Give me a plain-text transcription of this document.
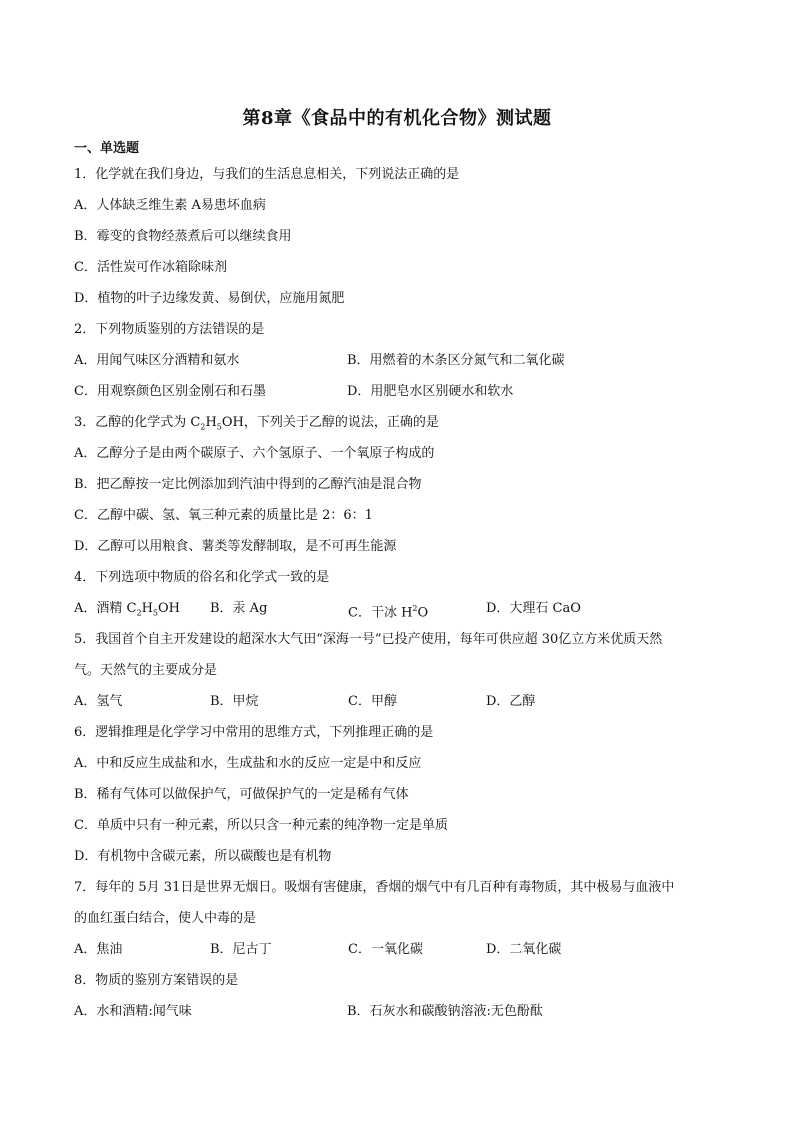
第8章《食品中的有机化合物》测试题
一、单选题
1．化学就在我们身边，与我们的生活息息相关，下列说法正确的是
A．人体缺乏维生素 A易患坏血病
B．霉变的食物经蒸煮后可以继续食用
C．活性炭可作冰箱除味剂
D．植物的叶子边缘发黄、易倒伏，应施用氮肥
2．下列物质鉴别的方法错误的是
A．用闻气味区分酒精和氨水	B．用燃着的木条区分氮气和二氧化碳
C．用观察颜色区别金刚石和石墨	D．用肥皂水区别硬水和软水
3．乙醇的化学式为 $C_2H_5OH$，下列关于乙醇的说法，正确的是
A．乙醇分子是由两个碳原子、六个氢原子、一个氧原子构成的
B．把乙醇按一定比例添加到汽油中得到的乙醇汽油是混合物
C．乙醇中碳、氢、氧三种元素的质量比是 2：6：1
D．乙醇可以用粮食、薯类等发酵制取，是不可再生能源
4．下列选项中物质的俗名和化学式一致的是
A．酒精 $C_2H_5OH$ B．汞 Ag	C．干冰 $H^2O$	D．大理石 CaO
5．我国首个自主开发建设的超深水大气田“深海一号”已投产使用，每年可供应超 30亿立方米优质天然
气。天然气的主要成分是
A．氢气	B．甲烷	C．甲醇	D．乙醇
6．逻辑推理是化学学习中常用的思维方式，下列推理正确的是
A．中和反应生成盐和水，生成盐和水的反应一定是中和反应
B．稀有气体可以做保护气，可做保护气的一定是稀有气体
C．单质中只有一种元素，所以只含一种元素的纯净物一定是单质
D．有机物中含碳元素，所以碳酸也是有机物
7．每年的 5月 31日是世界无烟日。吸烟有害健康，香烟的烟气中有几百种有毒物质，其中极易与血液中
的血红蛋白结合，使人中毒的是
A．焦油	B．尼古丁	C．一氧化碳	D．二氧化碳
8．物质的鉴别方案错误的是
A．水和酒精:闻气味	B．石灰水和碳酸钠溶液:无色酚酞
